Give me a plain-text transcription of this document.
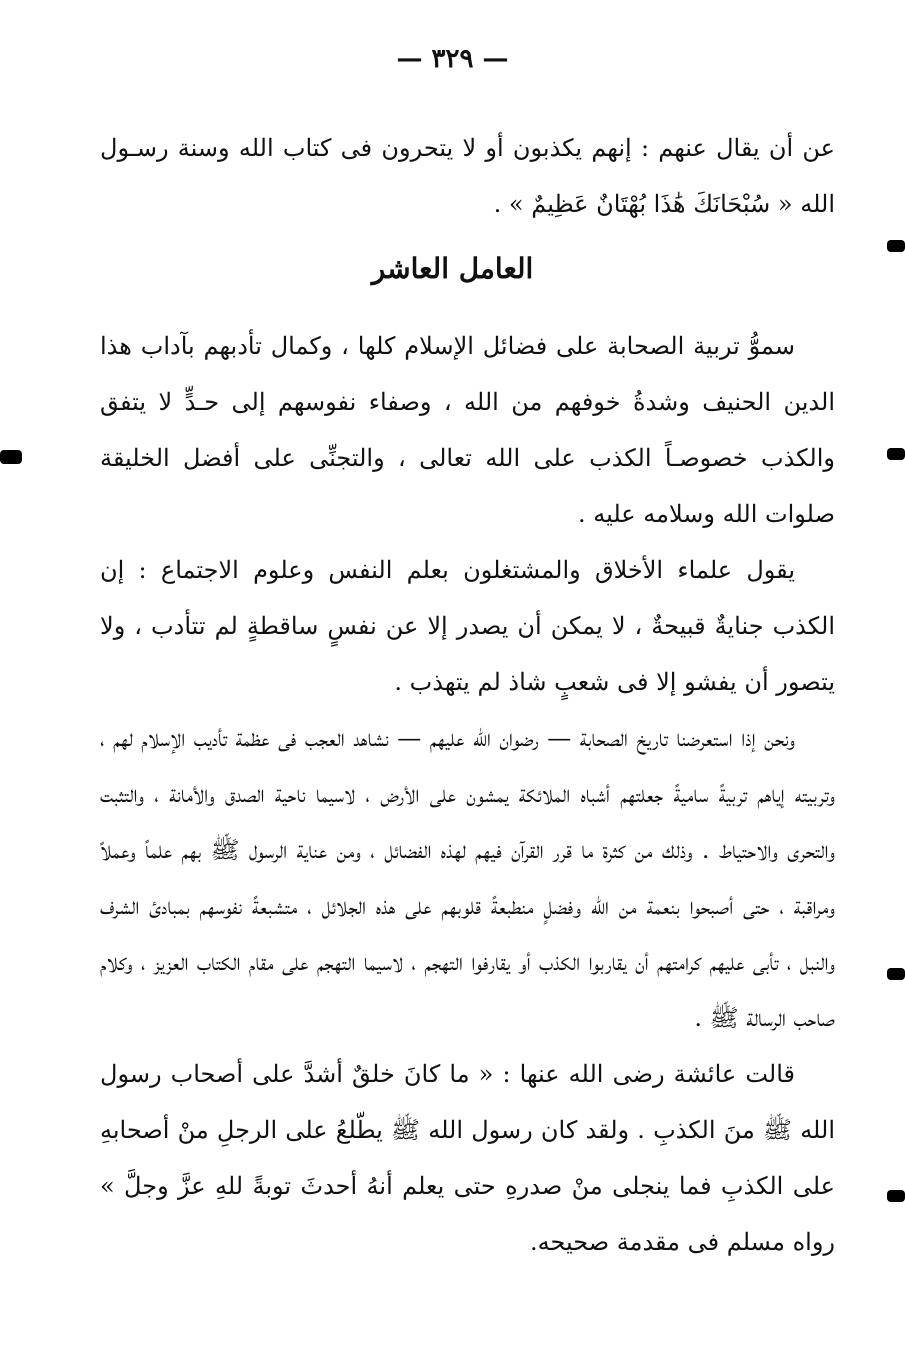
— ٣٢٩ —

عن أن يقال عنهم : إنهم يكذبون أو لا يتحرون فى كتاب الله وسنة رسـول الله « سُبْحَانَكَ هَٰذَا بُهْتَانٌ عَظِيمٌ » .

العامل العاشر

سموُّ تربية الصحابة على فضائل الإسلام كلها ، وكمال تأدبهم بآداب هذا الدين الحنيف وشدةُ خوفهم من الله ، وصفاء نفوسهم إلى حـدٍّ لا يتفق والكذب خصوصـاً الكذب على الله تعالى ، والتجنِّى على أفضل الخليقة صلوات الله وسلامه عليه .

يقول علماء الأخلاق والمشتغلون بعلم النفس وعلوم الاجتماع : إن الكذب جنايةٌ قبيحةٌ ، لا يمكن أن يصدر إلا عن نفسٍ ساقطةٍ لم تتأدب ، ولا يتصور أن يفشو إلا فى شعبٍ شاذ لم يتهذب .

ونحن إذا استعرضنا تاريخ الصحابة — رضوان الله عليهم — نشاهد العجب فى عظمة تأديب الإسلام لهم ، وتربيته إياهم تربيةً ساميةً جعلتهم أشباه الملائكة يمشون على الأرض ، لاسيما ناحية الصدق والأمانة ، والتثبت والتحرى والاحتياط . وذلك من كثرة ما قرر القرآن فيهم لهذه الفضائل ، ومن عناية الرسول ﷺ بهم علماً وعملاً ومراقبة ، حتى أصبحوا بنعمة من الله وفضلٍ منطبعةً قلوبهم على هذه الجلائل ، متشبعةً نفوسهم بمبادئ الشرف والنبل ، تأبى عليهم كرامتهم أن يقاربوا الكذب أو يقارفوا التهجم ، لاسيما التهجم على مقام الكتاب العزيز ، وكلام صاحب الرسالة ﷺ .

قالت عائشة رضى الله عنها : « ما كانَ خلقٌ أشدَّ على أصحاب رسول الله ﷺ منَ الكذبِ . ولقد كان رسول الله ﷺ يطّلعُ على الرجلِ منْ أصحابهِ على الكذبِ فما ينجلى منْ صدرهِ حتى يعلم أنهُ أحدثَ توبةً للهِ عزَّ وجلَّ » رواه مسلم فى مقدمة صحيحه.
